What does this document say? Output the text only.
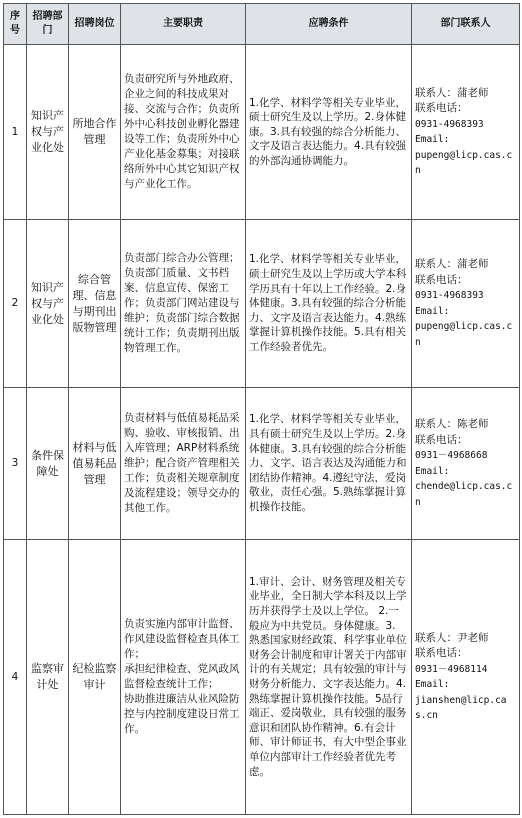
序号	招聘部门	招聘岗位	主要职责	应聘条件	部门联系人
1	知识产权与产业化处	所地合作管理	负责研究所与外地政府、企业之间的科技成果对接、交流与合作；负责所外中心科技创业孵化器建设等工作；负责所外中心产业化基金募集；对接联络所外中心其它知识产权与产业化工作。	1.化学、材料学等相关专业毕业，硕士研究生及以上学历。2.身体健康。3.具有较强的综合分析能力、文字及语言表达能力。4.具有较强的外部沟通协调能力。	联系人：蒲老师
联系电话：
0931-4968393
Email:
pupeng@licp.cas.cn

2	知识产权与产业化处	综合管理、信息与期刊出版物管理	负责部门综合办公管理；负责部门质量、文书档案、信息宣传、保密工作；负责部门网站建设与维护；负责部门综合数据统计工作；负责期刊出版物管理工作。	1.化学、材料学等相关专业毕业，硕士研究生及以上学历或大学本科学历具有十年以上工作经验。2.身体健康。3.具有较强的综合分析能力、文字及语言表达能力。4.熟练掌握计算机操作技能。5.具有相关工作经验者优先。	联系人：蒲老师
联系电话：
0931-4968393
Email:
pupeng@licp.cas.cn

3	条件保障处	材料与低值易耗品管理	负责材料与低值易耗品采购、验收、审核报销、出入库管理；ARP材料系统维护；配合资产管理相关工作；负责相关规章制度及流程建设；领导交办的其他工作。	1.化学、材料学等相关专业毕业，具有硕士研究生及以上学历。2.身体健康。3.具有较强的综合分析能力、文字、语言表达及沟通能力和团结协作精神。4.遵纪守法，爱岗敬业，责任心强。5.熟练掌握计算机操作技能。	联系人：陈老师
联系电话：
0931－4968668
Email:
chende@licp.cas.cn

4	监察审计处	纪检监察审计	负责实施内部审计监督、作风建设监督检查具体工作；
承担纪律检查、党风政风监督检查统计工作；
协助推进廉洁从业风险防控与内控制度建设日常工作。	1.审计、会计、财务管理及相关专业毕业，全日制大学本科及以上学历并获得学士及以上学位。 2.一般应为中共党员。身体健康。3. 熟悉国家财经政策、科学事业单位财务会计制度和审计署关于内部审计的有关规定；具有较强的审计与财务分析能力、文字表达能力。4.熟练掌握计算机操作技能。5品行端正、爱岗敬业，具有较强的服务意识和团队协作精神。6.有会计师、审计师证书，有大中型企事业单位内部审计工作经验者优先考虑。	联系人：尹老师
联系电话：
0931－4968114
Email:
jianshen@licp.cas.cn
